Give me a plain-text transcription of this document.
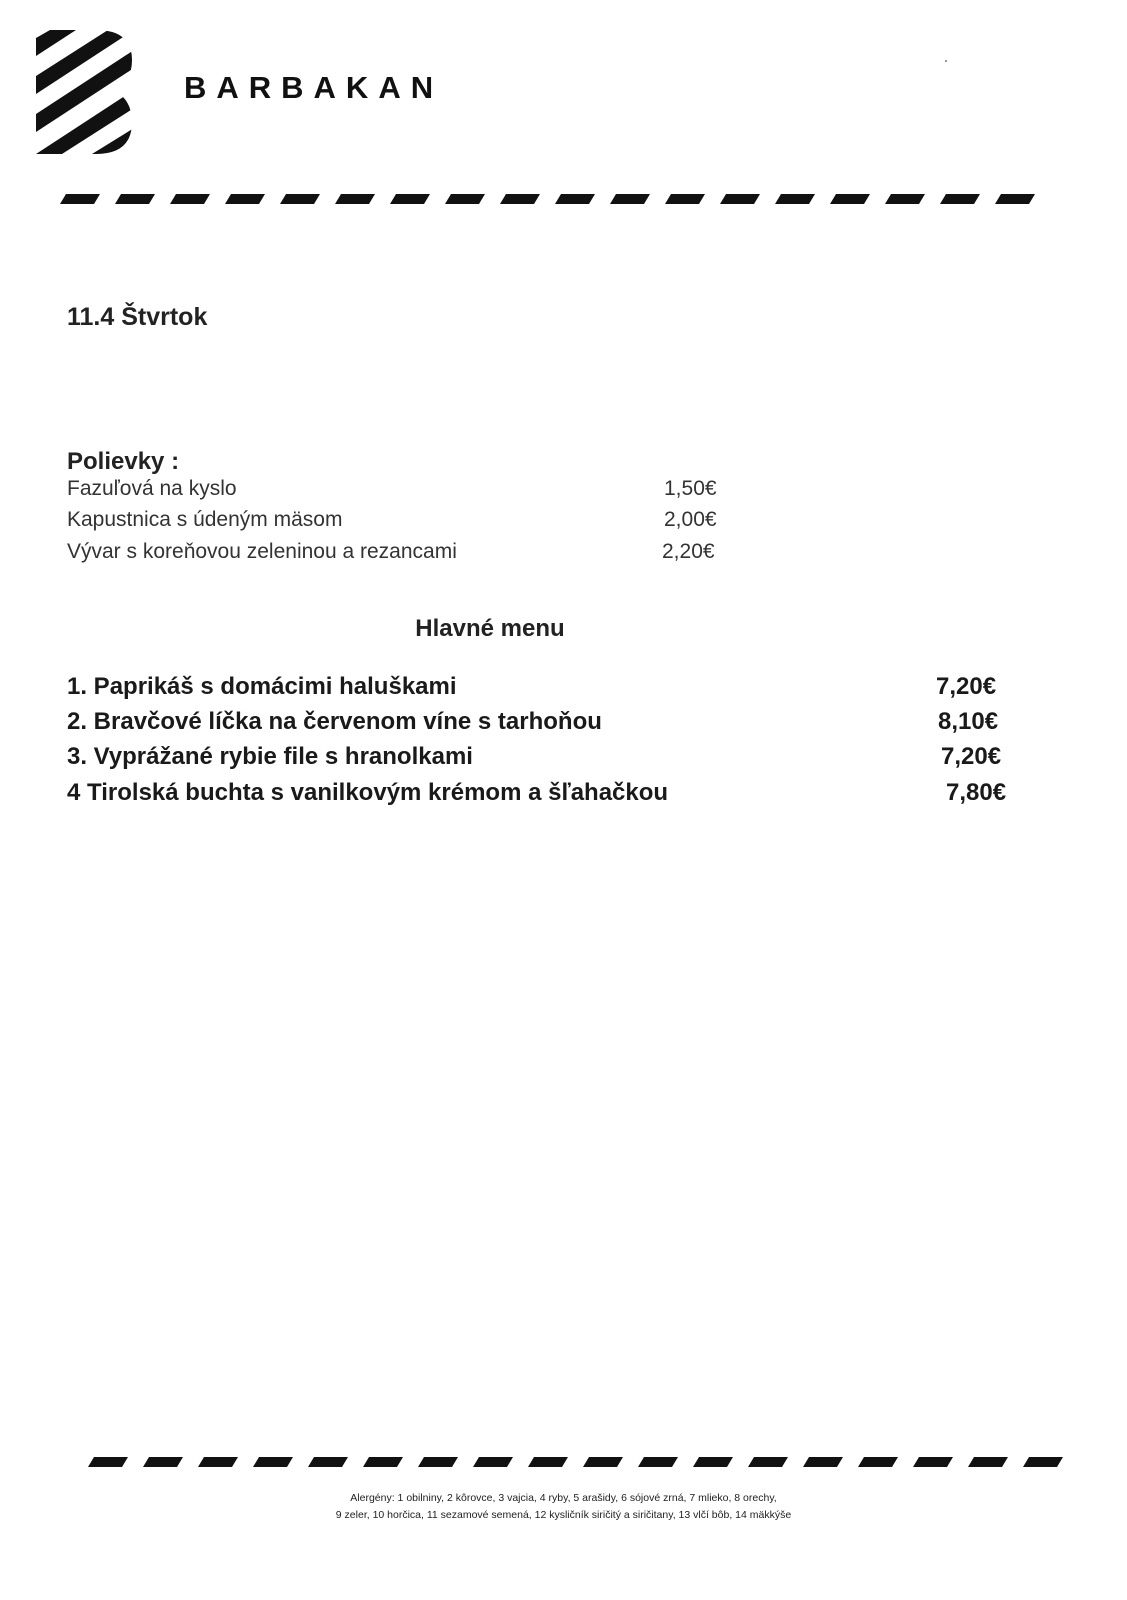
BARBAKAN
11.4 Štvrtok
Polievky :
Fazuľová na kyslo	1,50€
Kapustnica s údeným mäsom	2,00€
Vývar s koreňovou zeleninou a rezancami	2,20€
Hlavné menu
1. Paprikáš s domácimi haluškami	7,20€
2. Bravčové líčka na červenom víne s tarhoňou	8,10€
3. Vyprážané rybie file s hranolkami	7,20€
4 Tirolská buchta s vanilkovým krémom a šľahačkou	7,80€
Alergény: 1 obilniny, 2 kôrovce, 3 vajcia, 4 ryby, 5 arašidy, 6 sójové zrná, 7 mlieko, 8 orechy,
9 zeler, 10 horčica, 11 sezamové semená, 12 kysličník siričitý a siričitany, 13 vlčí bôb, 14 mäkkýše
